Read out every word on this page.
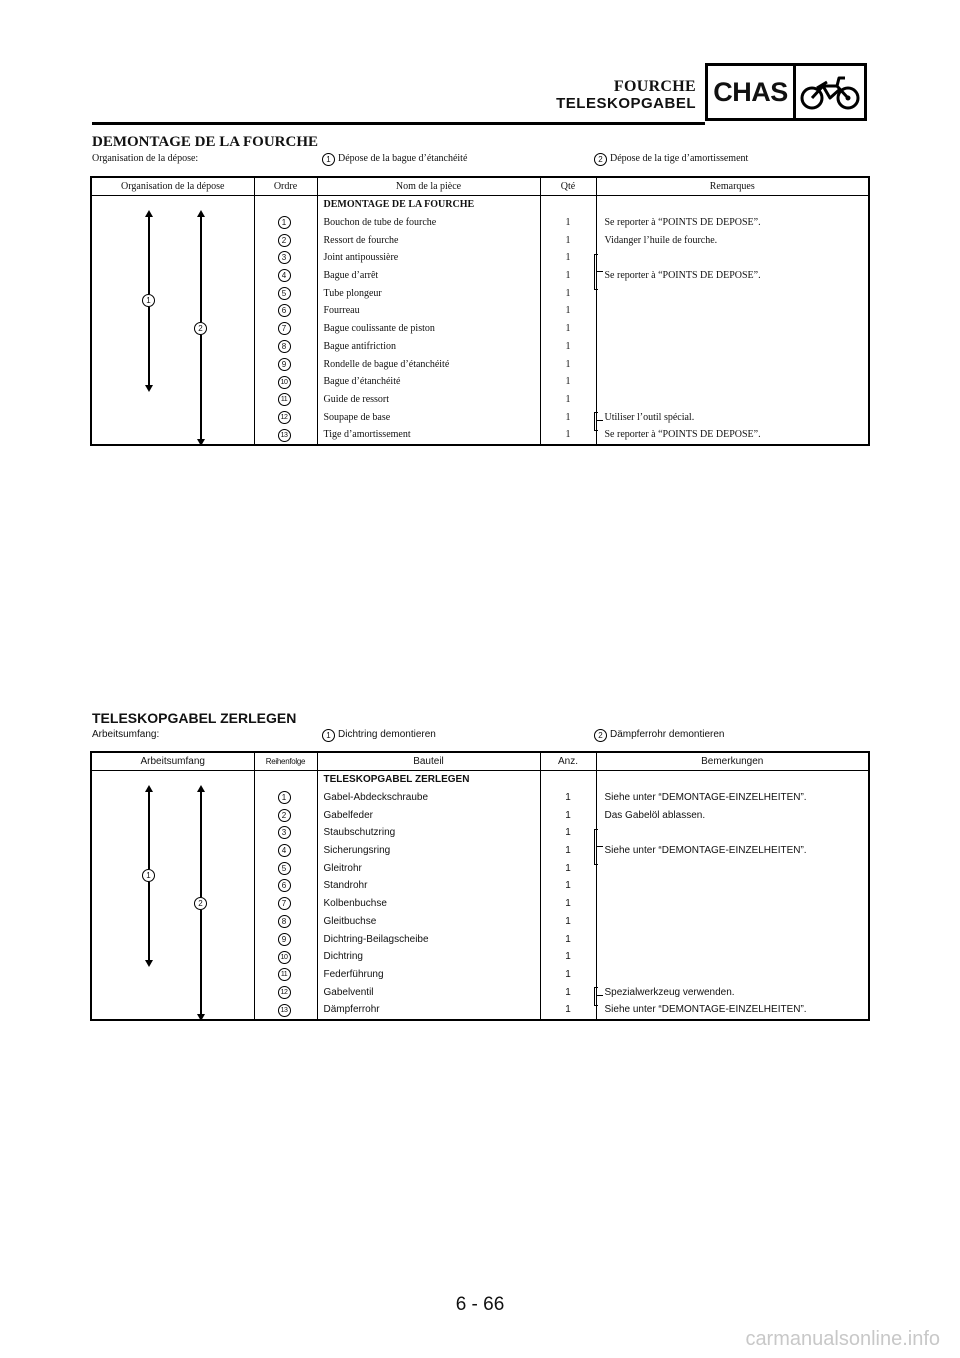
FOURCHE
TELESKOPGABEL CHAS
DEMONTAGE DE LA FOURCHE
Organisation de la dépose:	1 Dépose de la bague d’étanchéité	2 Dépose de la tige d’amortissement
Organisation de la dépose	Ordre	Nom de la pièce	Qté	Remarques

1
2		DEMONTAGE DE LA FOURCHE		
	1	Bouchon de tube de fourche	1	Se reporter à “POINTS DE DEPOSE”.
	2	Ressort de fourche	1	Vidanger l’huile de fourche.
	3	Joint antipoussière	1	
	4	Bague d’arrêt	1	Se reporter à “POINTS DE DEPOSE”.
	5	Tube plongeur	1	
	6	Fourreau	1	
	7	Bague coulissante de piston	1	
	8	Bague antifriction	1	
	9	Rondelle de bague d’étanchéité	1	
	10	Bague d’étanchéité	1	
	11	Guide de ressort	1	
	12	Soupape de base	1	Utiliser l’outil spécial.
	13	Tige d’amortissement	1	Se reporter à “POINTS DE DEPOSE”.
TELESKOPGABEL ZERLEGEN
Arbeitsumfang:	1 Dichtring demontieren	2 Dämpferrohr demontieren
Arbeitsumfang	Reihenfolge	Bauteil	Anz.	Bemerkungen

1
2		TELESKOPGABEL ZERLEGEN		
	1	Gabel-Abdeckschraube	1	Siehe unter “DEMONTAGE-EINZELHEITEN”.
	2	Gabelfeder	1	Das Gabelöl ablassen.
	3	Staubschutzring	1	
	4	Sicherungsring	1	Siehe unter “DEMONTAGE-EINZELHEITEN”.
	5	Gleitrohr	1	
	6	Standrohr	1	
	7	Kolbenbuchse	1	
	8	Gleitbuchse	1	
	9	Dichtring-Beilagscheibe	1	
	10	Dichtring	1	
	11	Federführung	1	
	12	Gabelventil	1	Spezialwerkzeug verwenden.
	13	Dämpferrohr	1	Siehe unter “DEMONTAGE-EINZELHEITEN”.
6 - 66
carmanualsonline.info
